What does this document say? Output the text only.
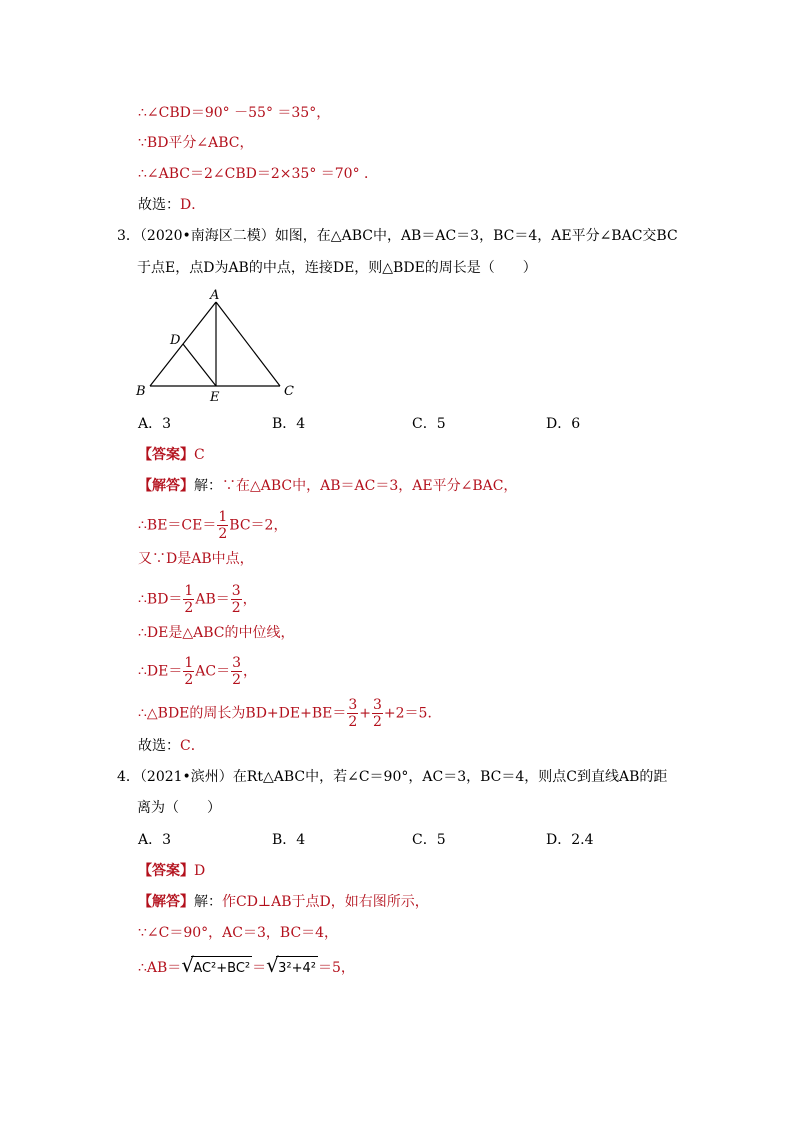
∴∠CBD＝90° －55° ＝35°，
∵BD平分∠ABC，
∴∠ABC＝2∠CBD＝2×35° ＝70° ．
故选：D．
3．（2020•南海区二模）如图，在△ABC中，AB＝AC＝3，BC＝4，AE平分∠BAC交BC
于点E，点D为AB的中点，连接DE，则△BDE的周长是（　　）
A
D
B	E	C
A．3	B．4	C．5	D．6
【答案】C
【解答】解：∵在△ABC中，AB＝AC＝3，AE平分∠BAC，
∴BE＝CE＝ $\frac{1}{2} BC=2$，
又∵D是AB中点，
∴BD＝ $\frac{1}{2} AB= \frac{3}{2}$ ，
∴DE是△ABC的中位线，
∴DE＝ $\frac{1}{2} AC= \frac{3}{2}$ ，
∴△BDE的周长为$BD+DE+BE= \frac{3}{2} + \frac{3}{2} +2=5$．
故选：C．
4．（2021•滨州）在Rt△ABC中，若∠C＝90°，AC＝3，BC＝4，则点C到直线AB的距
离为（　　）
A．3	B．4	C．5	D．2.4
【答案】D
【解答】解：作CD⊥AB于点D，如右图所示，
∵∠C＝90°，AC＝3，BC＝4，
∴AB＝ √ AC²+BC² ＝ √ 3²+4² ＝5，
